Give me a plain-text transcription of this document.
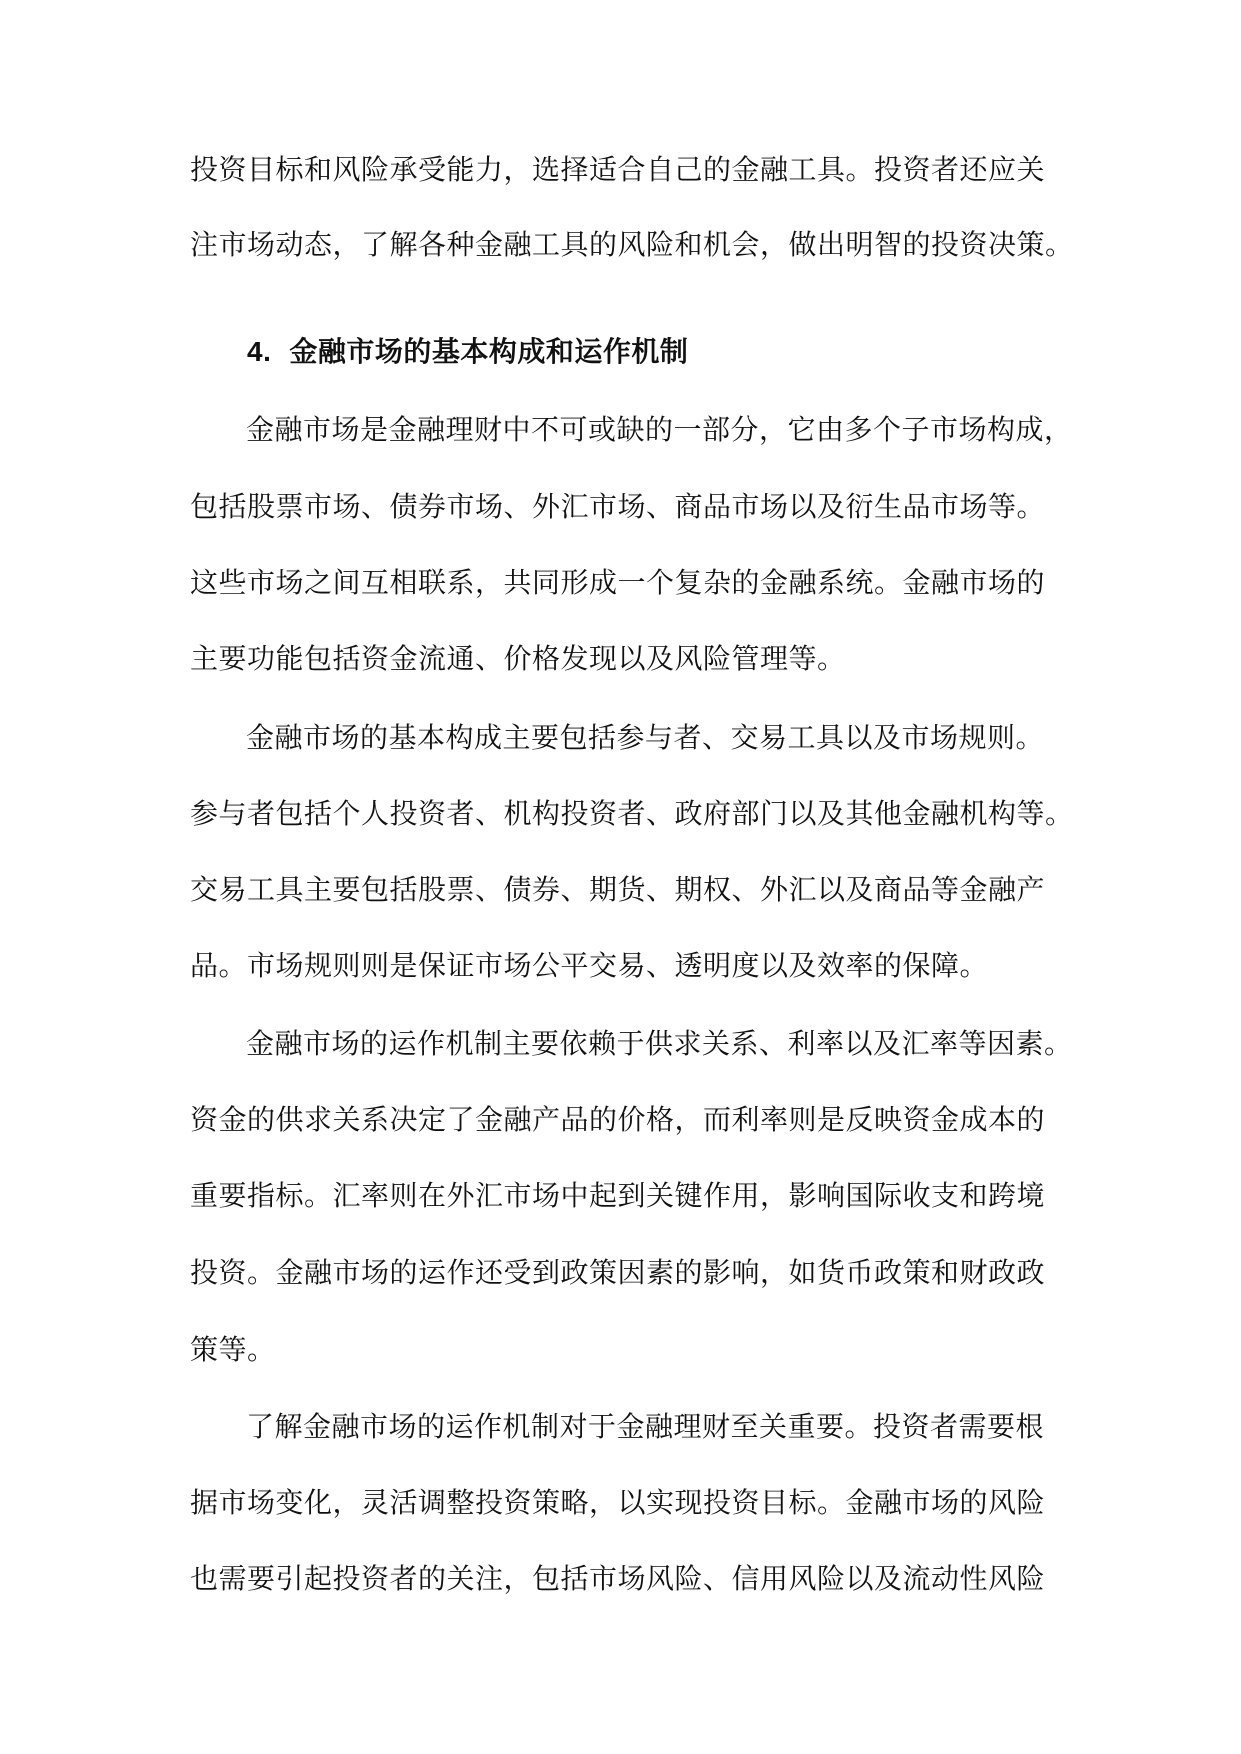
投资目标和风险承受能力，选择适合自己的金融工具。投资者还应关
注市场动态，了解各种金融工具的风险和机会，做出明智的投资决策。
4. 金融市场的基本构成和运作机制
金融市场是金融理财中不可或缺的一部分，它由多个子市场构成，
包括股票市场、债券市场、外汇市场、商品市场以及衍生品市场等。
这些市场之间互相联系，共同形成一个复杂的金融系统。金融市场的
主要功能包括资金流通、价格发现以及风险管理等。
金融市场的基本构成主要包括参与者、交易工具以及市场规则。
参与者包括个人投资者、机构投资者、政府部门以及其他金融机构等。
交易工具主要包括股票、债券、期货、期权、外汇以及商品等金融产
品。市场规则则是保证市场公平交易、透明度以及效率的保障。
金融市场的运作机制主要依赖于供求关系、利率以及汇率等因素。
资金的供求关系决定了金融产品的价格，而利率则是反映资金成本的
重要指标。汇率则在外汇市场中起到关键作用，影响国际收支和跨境
投资。金融市场的运作还受到政策因素的影响，如货币政策和财政政
策等。
了解金融市场的运作机制对于金融理财至关重要。投资者需要根
据市场变化，灵活调整投资策略，以实现投资目标。金融市场的风险
也需要引起投资者的关注，包括市场风险、信用风险以及流动性风险
